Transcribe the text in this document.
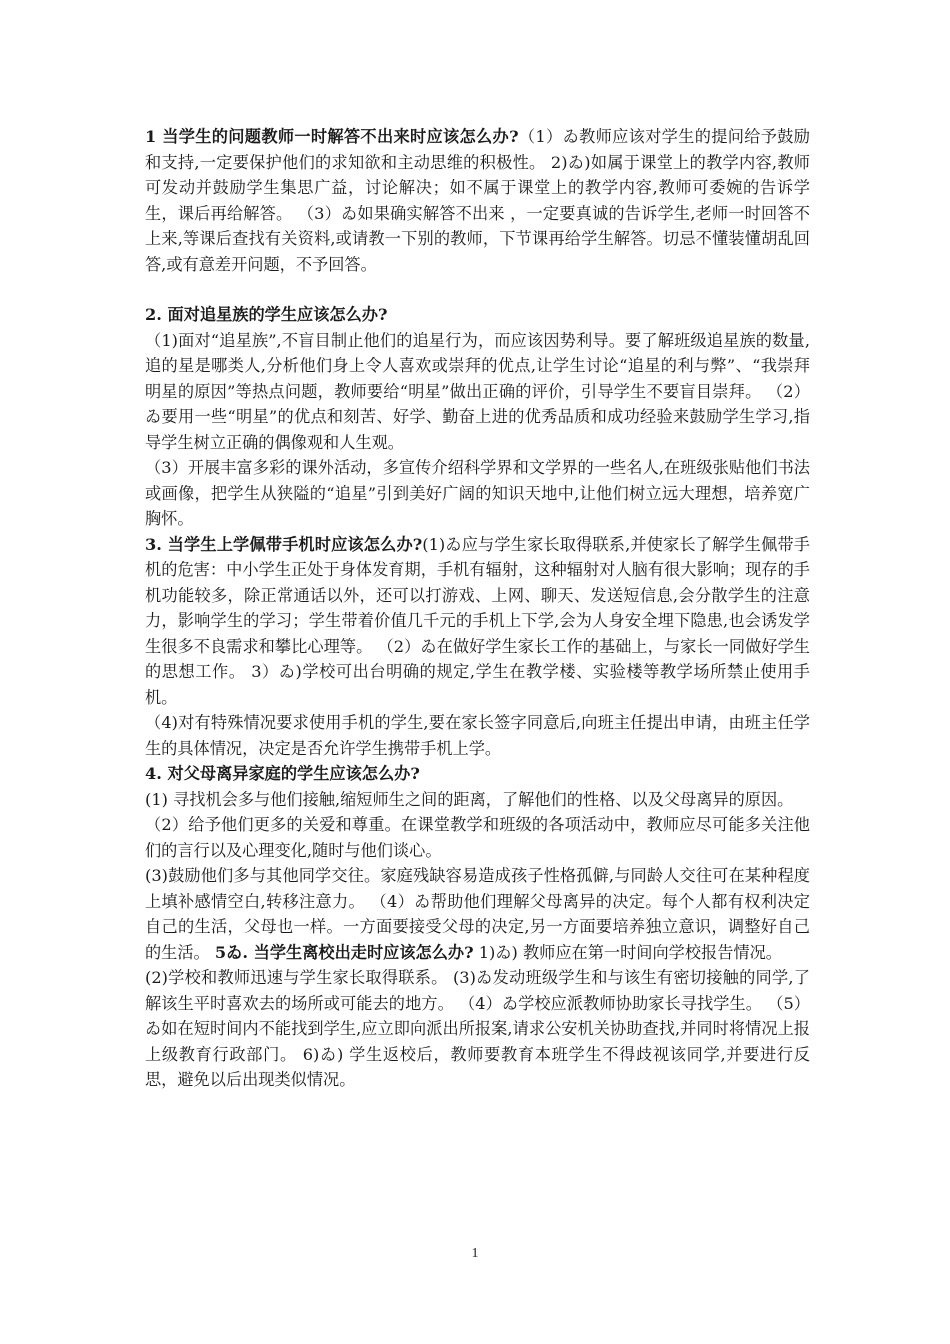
1 当学生的问题教师一时解答不出来时应该怎么办?（1）ゐ教师应该对学生的提问给予鼓励和支持,一定要保护他们的求知欲和主动思维的积极性。 2)ゐ)如属于课堂上的教学内容,教师可发动并鼓励学生集思广益，讨论解决；如不属于课堂上的教学内容,教师可委婉的告诉学生，课后再给解答。 （3）ゐ如果确实解答不出来 ，一定要真诚的告诉学生,老师一时回答不上来,等课后查找有关资料,或请教一下别的教师，下节课再给学生解答。切忌不懂装懂胡乱回答,或有意差开问题，不予回答。

2. 面对追星族的学生应该怎么办?

（1)面对“追星族”,不盲目制止他们的追星行为，而应该因势利导。要了解班级追星族的数量,追的星是哪类人,分析他们身上令人喜欢或崇拜的优点,让学生讨论“追星的利与弊”、“我崇拜明星的原因”等热点问题，教师要给“明星”做出正确的评价，引导学生不要盲目崇拜。 （2）ゐ要用一些“明星”的优点和刻苦、好学、勤奋上进的优秀品质和成功经验来鼓励学生学习,指导学生树立正确的偶像观和人生观。

（3）开展丰富多彩的课外活动，多宣传介绍科学界和文学界的一些名人,在班级张贴他们书法或画像，把学生从狭隘的“追星”引到美好广阔的知识天地中,让他们树立远大理想，培养宽广胸怀。

3. 当学生上学佩带手机时应该怎么办?(1)ゐ应与学生家长取得联系,并使家长了解学生佩带手机的危害：中小学生正处于身体发育期，手机有辐射，这种辐射对人脑有很大影响；现存的手机功能较多，除正常通话以外，还可以打游戏、上网、聊天、发送短信息,会分散学生的注意力，影响学生的学习；学生带着价值几千元的手机上下学,会为人身安全埋下隐患,也会诱发学生很多不良需求和攀比心理等。 （2）ゐ在做好学生家长工作的基础上，与家长一同做好学生的思想工作。 3）ゐ)学校可出台明确的规定,学生在教学楼、实验楼等教学场所禁止使用手机。

（4)对有特殊情况要求使用手机的学生,要在家长签字同意后,向班主任提出申请，由班主任学生的具体情况，决定是否允许学生携带手机上学。

4. 对父母离异家庭的学生应该怎么办?

(1) 寻找机会多与他们接触,缩短师生之间的距离，了解他们的性格、以及父母离异的原因。

（2）给予他们更多的关爱和尊重。在课堂教学和班级的各项活动中，教师应尽可能多关注他们的言行以及心理变化,随时与他们谈心。

(3)鼓励他们多与其他同学交往。家庭残缺容易造成孩子性格孤僻,与同龄人交往可在某种程度上填补感情空白,转移注意力。 （4）ゐ帮助他们理解父母离异的决定。每个人都有权利决定自己的生活，父母也一样。一方面要接受父母的决定,另一方面要培养独立意识，调整好自己的生活。 5ゐ. 当学生离校出走时应该怎么办? 1)ゐ) 教师应在第一时间向学校报告情况。

(2)学校和教师迅速与学生家长取得联系。 (3)ゐ发动班级学生和与该生有密切接触的同学,了解该生平时喜欢去的场所或可能去的地方。 （4）ゐ学校应派教师协助家长寻找学生。 （5）ゐ如在短时间内不能找到学生,应立即向派出所报案,请求公安机关协助查找,并同时将情况上报上级教育行政部门。 6)ゐ) 学生返校后，教师要教育本班学生不得歧视该同学,并要进行反思，避免以后出现类似情况。

1
